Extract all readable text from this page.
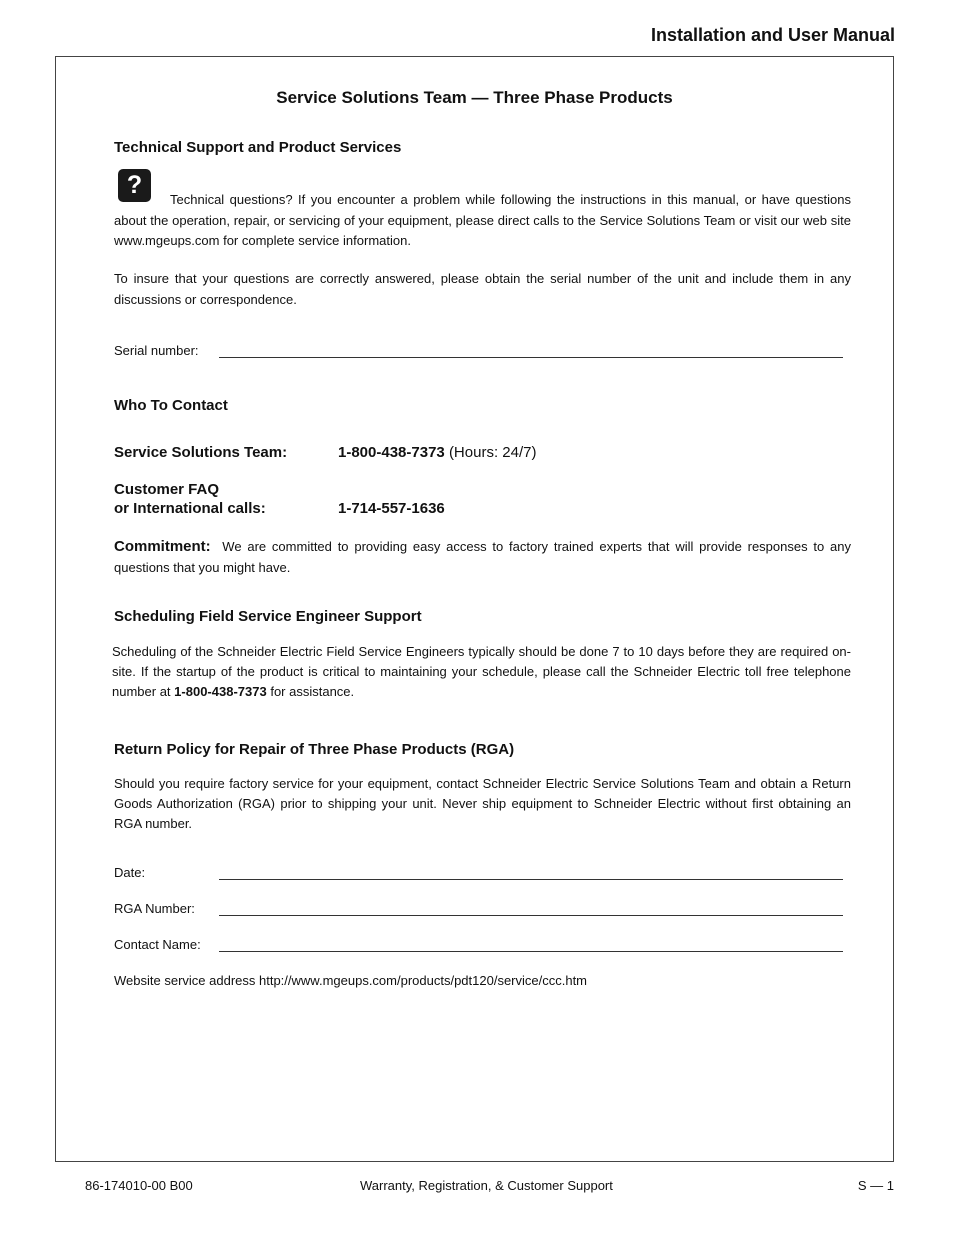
Installation and User Manual
Service Solutions Team — Three Phase Products
Technical Support and Product Services
?
Technical questions? If you encounter a problem while following the instructions in this manual, or have questions about the operation, repair, or servicing of your equipment, please direct calls to the Service Solutions Team or visit our web site www.mgeups.com for complete service information.
To insure that your questions are correctly answered, please obtain the serial number of the unit and include them in any discussions or correspondence.
Serial number:
Who To Contact
Service Solutions Team:	1-800-438-7373 (Hours: 24/7)
Customer FAQ
or International calls:	1-714-557-1636
Commitment: We are committed to providing easy access to factory trained experts that will provide responses to any questions that you might have.
Scheduling Field Service Engineer Support
Scheduling of the Schneider Electric Field Service Engineers typically should be done 7 to 10 days before they are required on-site. If the startup of the product is critical to maintaining your schedule, please call the Schneider Electric toll free telephone number at 1-800-438-7373 for assistance.
Return Policy for Repair of Three Phase Products (RGA)
Should you require factory service for your equipment, contact Schneider Electric Service Solutions Team and obtain a Return Goods Authorization (RGA) prior to shipping your unit. Never ship equipment to Schneider Electric without first obtaining an RGA number.
Date:
RGA Number:
Contact Name:
Website service address http://www.mgeups.com/products/pdt120/service/ccc.htm
86-174010-00 B00	Warranty, Registration, & Customer Support	S — 1
